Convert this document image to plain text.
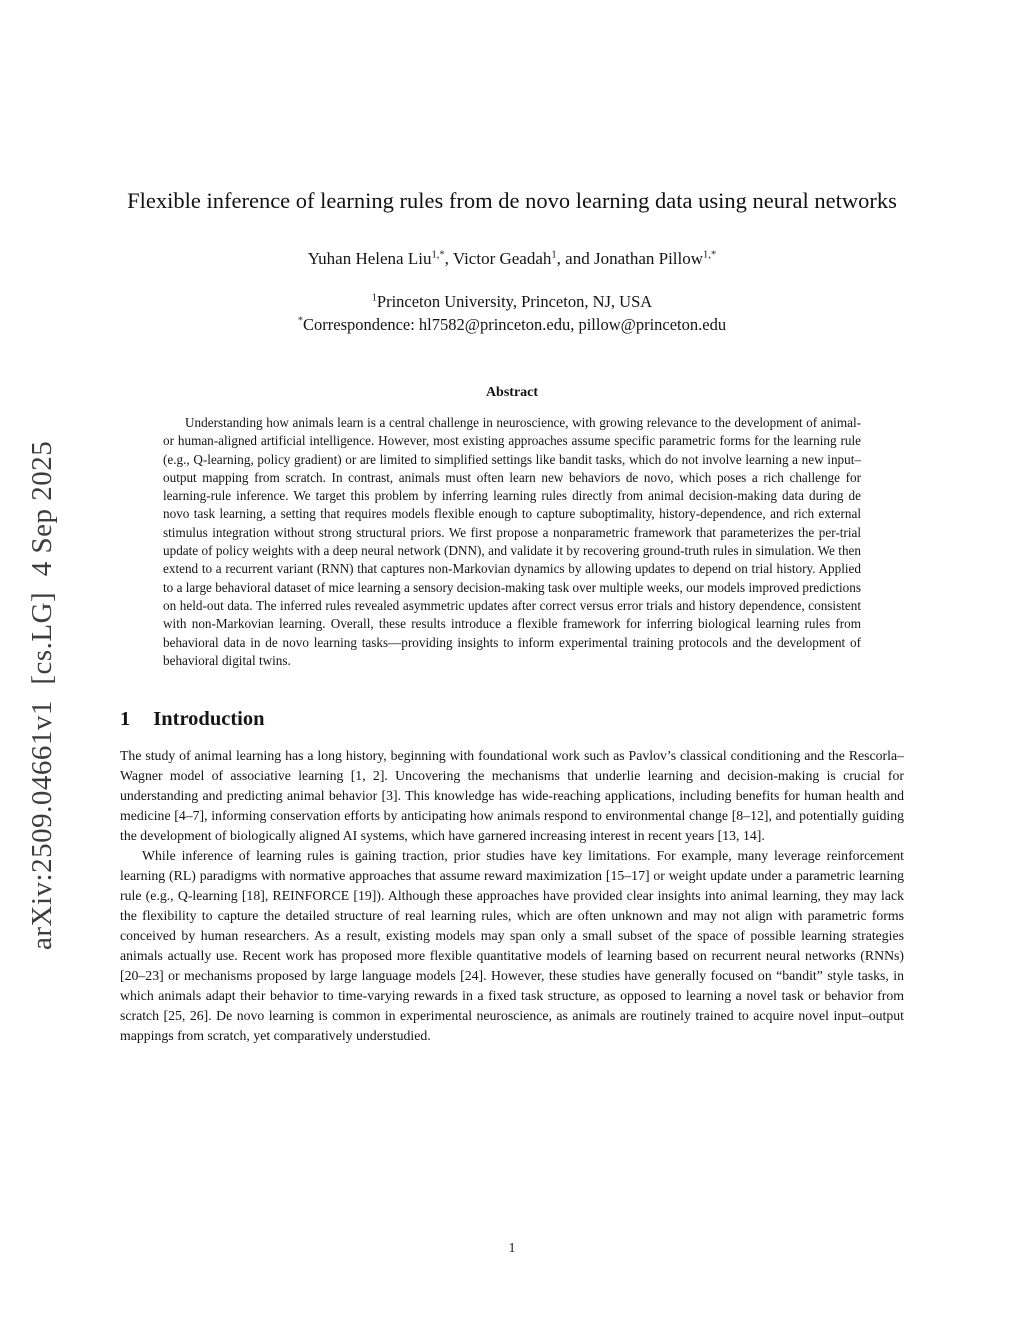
arXiv:2509.04661v1  [cs.LG]  4 Sep 2025
Flexible inference of learning rules from de novo learning data using neural networks
Yuhan Helena Liu$^{1,*}$, Victor Geadah$^1$, and Jonathan Pillow$^{1,*}$
$^1$Princeton University, Princeton, NJ, USA
*Correspondence: hl7582@princeton.edu, pillow@princeton.edu
Abstract

Understanding how animals learn is a central challenge in neuroscience, with growing relevance to the development of animal- or human-aligned artificial intelligence. However, most existing approaches assume specific parametric forms for the learning rule (e.g., Q-learning, policy gradient) or are limited to simplified settings like bandit tasks, which do not involve learning a new input–output mapping from scratch. In contrast, animals must often learn new behaviors de novo, which poses a rich challenge for learning-rule inference. We target this problem by inferring learning rules directly from animal decision-making data during de novo task learning, a setting that requires models flexible enough to capture suboptimality, history-dependence, and rich external stimulus integration without strong structural priors. We first propose a nonparametric framework that parameterizes the per-trial update of policy weights with a deep neural network (DNN), and validate it by recovering ground-truth rules in simulation. We then extend to a recurrent variant (RNN) that captures non-Markovian dynamics by allowing updates to depend on trial history. Applied to a large behavioral dataset of mice learning a sensory decision-making task over multiple weeks, our models improved predictions on held-out data. The inferred rules revealed asymmetric updates after correct versus error trials and history dependence, consistent with non-Markovian learning. Overall, these results introduce a flexible framework for inferring biological learning rules from behavioral data in de novo learning tasks—providing insights to inform experimental training protocols and the development of behavioral digital twins.

1 Introduction

The study of animal learning has a long history, beginning with foundational work such as Pavlov’s classical conditioning and the Rescorla–Wagner model of associative learning [1, 2]. Uncovering the mechanisms that underlie learning and decision-making is crucial for understanding and predicting animal behavior [3]. This knowledge has wide-reaching applications, including benefits for human health and medicine [4–7], informing conservation efforts by anticipating how animals respond to environmental change [8–12], and potentially guiding the development of biologically aligned AI systems, which have garnered increasing interest in recent years [13, 14].

While inference of learning rules is gaining traction, prior studies have key limitations. For example, many leverage reinforcement learning (RL) paradigms with normative approaches that assume reward maximization [15–17] or weight update under a parametric learning rule (e.g., Q-learning [18], REINFORCE [19]). Although these approaches have provided clear insights into animal learning, they may lack the flexibility to capture the detailed structure of real learning rules, which are often unknown and may not align with parametric forms conceived by human researchers. As a result, existing models may span only a small subset of the space of possible learning strategies animals actually use. Recent work has proposed more flexible quantitative models of learning based on recurrent neural networks (RNNs) [20–23] or mechanisms proposed by large language models [24]. However, these studies have generally focused on “bandit” style tasks, in which animals adapt their behavior to time-varying rewards in a fixed task structure, as opposed to learning a novel task or behavior from scratch [25, 26]. De novo learning is common in experimental neuroscience, as animals are routinely trained to acquire novel input–output mappings from scratch, yet comparatively understudied.

1
